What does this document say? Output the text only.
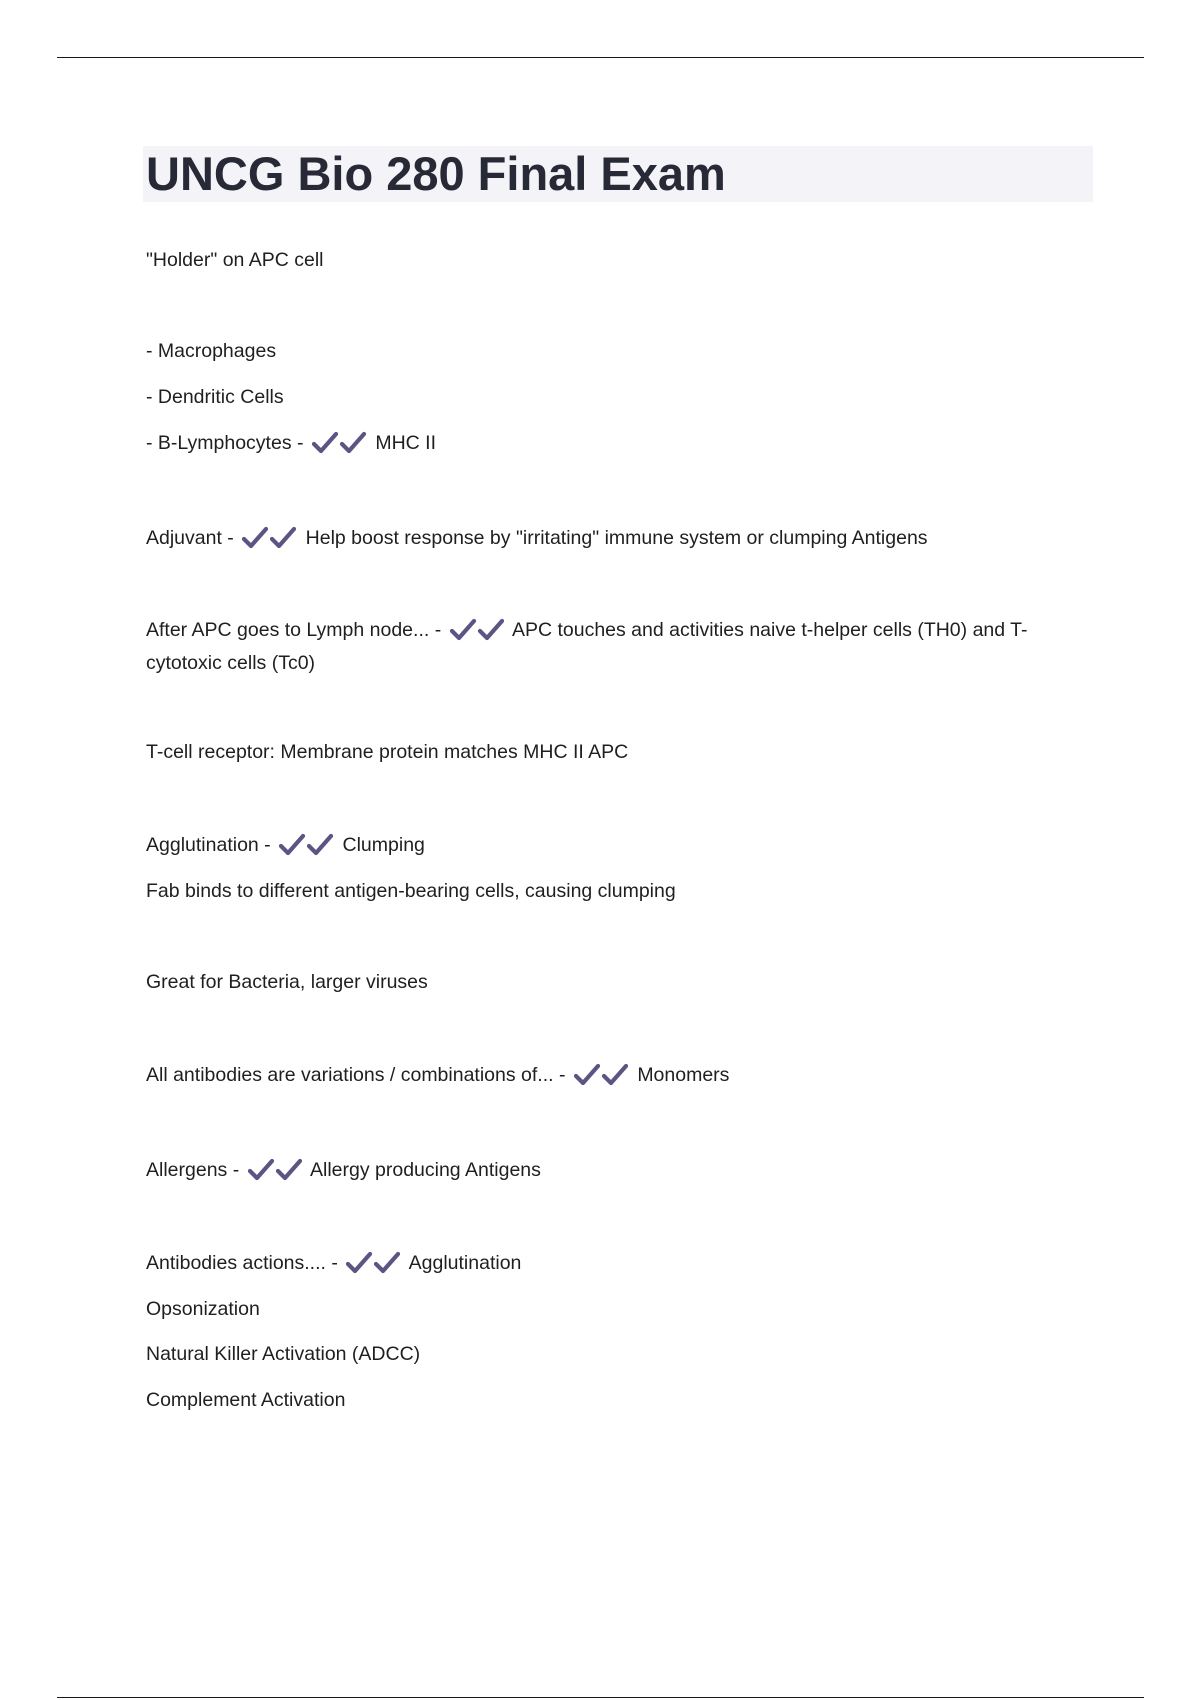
UNCG Bio 280 Final Exam
"Holder" on APC cell
- Macrophages
- Dendritic Cells
- B-Lymphocytes -	MHC II
Adjuvant -	Help boost response by "irritating" immune system or clumping Antigens
After APC goes to Lymph node... -	APC touches and activities naive t-helper cells (TH0) and T-cytotoxic cells (Tc0)
T-cell receptor: Membrane protein matches MHC II APC
Agglutination -	Clumping
Fab binds to different antigen-bearing cells, causing clumping
Great for Bacteria, larger viruses
All antibodies are variations / combinations of... -	Monomers
Allergens -	Allergy producing Antigens
Antibodies actions.... -	Agglutination
Opsonization
Natural Killer Activation (ADCC)
Complement Activation
